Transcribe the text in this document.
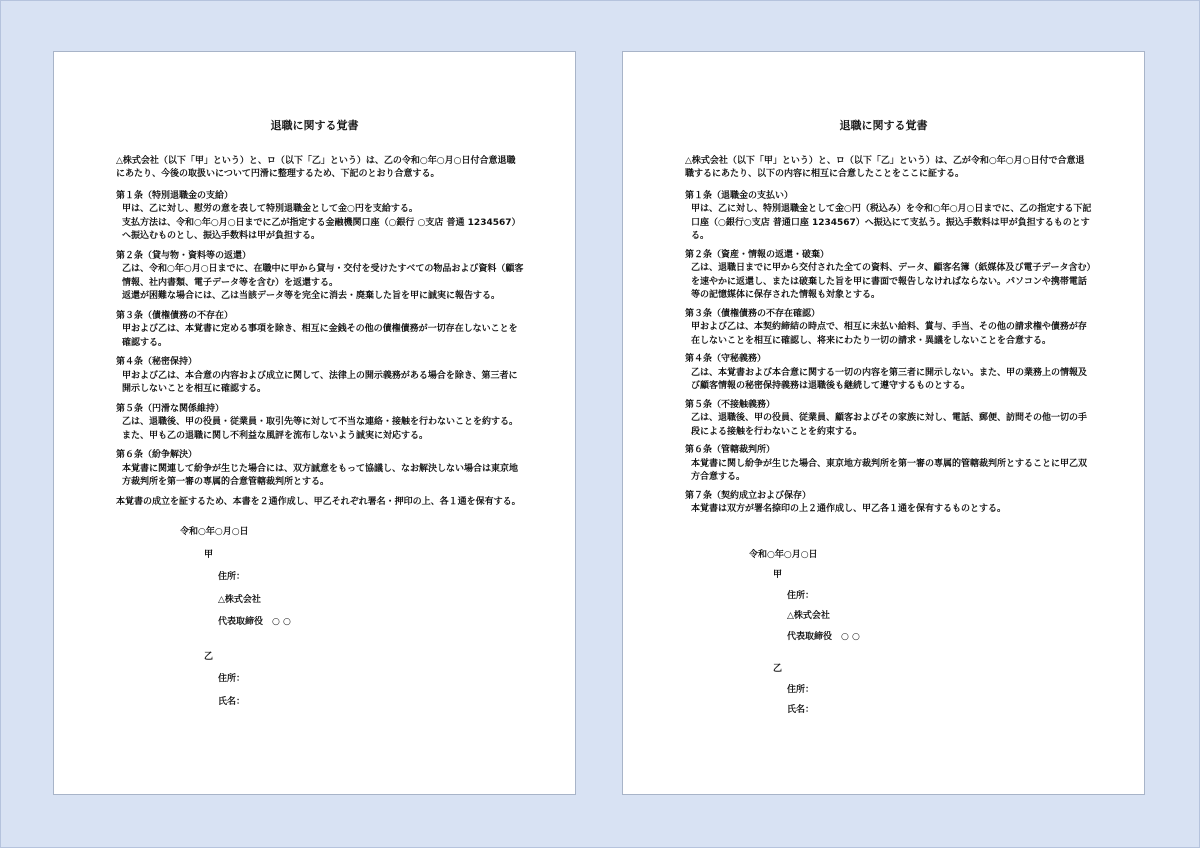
退職に関する覚書

△株式会社（以下「甲」という）と、ロ（以下「乙」という）は、乙の令和○年○月○日付合意退職にあたり、今後の取扱いについて円滑に整理するため、下記のとおり合意する。

第１条（特別退職金の支給）

甲は、乙に対し、慰労の意を表して特別退職金として金○円を支給する。

支払方法は、令和○年○月○日までに乙が指定する金融機関口座（○銀行 ○支店 普通 1234567）へ振込むものとし、振込手数料は甲が負担する。

第２条（貸与物・資料等の返還）

乙は、令和○年○月○日までに、在職中に甲から貸与・交付を受けたすべての物品および資料（顧客情報、社内書類、電子データ等を含む）を返還する。

返還が困難な場合には、乙は当該データ等を完全に消去・廃棄した旨を甲に誠実に報告する。

第３条（債権債務の不存在）

甲および乙は、本覚書に定める事項を除き、相互に金銭その他の債権債務が一切存在しないことを確認する。

第４条（秘密保持）

甲および乙は、本合意の内容および成立に関して、法律上の開示義務がある場合を除き、第三者に開示しないことを相互に確認する。

第５条（円滑な関係維持）

乙は、退職後、甲の役員・従業員・取引先等に対して不当な連絡・接触を行わないことを約する。

また、甲も乙の退職に関し不利益な風評を流布しないよう誠実に対応する。

第６条（紛争解決）

本覚書に関連して紛争が生じた場合には、双方誠意をもって協議し、なお解決しない場合は東京地方裁判所を第一審の専属的合意管轄裁判所とする。

本覚書の成立を証するため、本書を２通作成し、甲乙それぞれ署名・押印の上、各１通を保有する。

令和○年○月○日

甲

住所：

△株式会社

代表取締役　○ ○

乙

住所：

氏名：

退職に関する覚書

△株式会社（以下「甲」という）と、ロ（以下「乙」という）は、乙が令和○年○月○日付で合意退職するにあたり、以下の内容に相互に合意したことをここに証する。

第１条（退職金の支払い）

甲は、乙に対し、特別退職金として金○円（税込み）を令和○年○月○日までに、乙の指定する下記口座（○銀行○支店 普通口座 1234567）へ振込にて支払う。振込手数料は甲が負担するものとする。

第２条（資産・情報の返還・破棄）

乙は、退職日までに甲から交付された全ての資料、データ、顧客名簿（紙媒体及び電子データ含む）を速やかに返還し、または破棄した旨を甲に書面で報告しなければならない。パソコンや携帯電話等の記憶媒体に保存された情報も対象とする。

第３条（債権債務の不存在確認）

甲および乙は、本契約締結の時点で、相互に未払い給料、賞与、手当、その他の請求権や債務が存在しないことを相互に確認し、将来にわたり一切の請求・異議をしないことを合意する。

第４条（守秘義務）

乙は、本覚書および本合意に関する一切の内容を第三者に開示しない。また、甲の業務上の情報及び顧客情報の秘密保持義務は退職後も継続して遵守するものとする。

第５条（不接触義務）

乙は、退職後、甲の役員、従業員、顧客およびその家族に対し、電話、郵便、訪問その他一切の手段による接触を行わないことを約束する。

第６条（管轄裁判所）

本覚書に関し紛争が生じた場合、東京地方裁判所を第一審の専属的管轄裁判所とすることに甲乙双方合意する。

第７条（契約成立および保存）

本覚書は双方が署名捺印の上２通作成し、甲乙各１通を保有するものとする。

令和○年○月○日

甲

住所：

△株式会社

代表取締役　○ ○

乙

住所：

氏名：
